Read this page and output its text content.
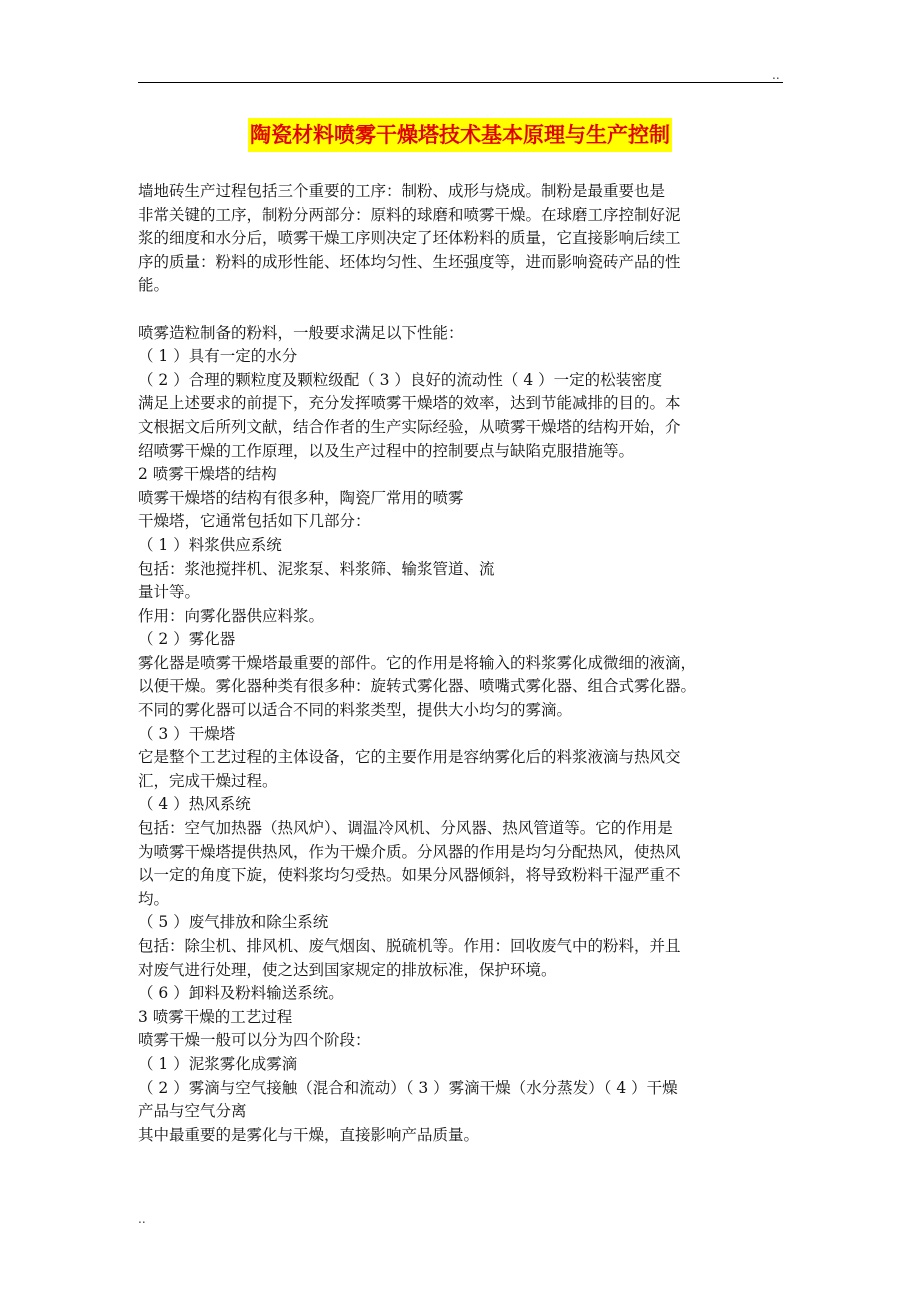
..
陶瓷材料喷雾干燥塔技术基本原理与生产控制
墙地砖生产过程包括三个重要的工序：制粉、成形与烧成。制粉是最重要也是
非常关键的工序，制粉分两部分：原料的球磨和喷雾干燥。在球磨工序控制好泥
浆的细度和水分后，喷雾干燥工序则决定了坯体粉料的质量，它直接影响后续工
序的质量：粉料的成形性能、坯体均匀性、生坯强度等，进而影响瓷砖产品的性
能。
喷雾造粒制备的粉料，一般要求满足以下性能：
（ 1 ）具有一定的水分
（ 2 ）合理的颗粒度及颗粒级配（ 3 ）良好的流动性（ 4 ）一定的松装密度
满足上述要求的前提下，充分发挥喷雾干燥塔的效率，达到节能减排的目的。本
文根据文后所列文献，结合作者的生产实际经验，从喷雾干燥塔的结构开始，介
绍喷雾干燥的工作原理，以及生产过程中的控制要点与缺陷克服措施等。
2 喷雾干燥塔的结构
喷雾干燥塔的结构有很多种，陶瓷厂常用的喷雾
干燥塔，它通常包括如下几部分：
（ 1 ）料浆供应系统
包括：浆池搅拌机、泥浆泵、料浆筛、输浆管道、流
量计等。
作用：向雾化器供应料浆。
（ 2 ）雾化器
雾化器是喷雾干燥塔最重要的部件。它的作用是将输入的料浆雾化成微细的液滴，
以便干燥。雾化器种类有很多种：旋转式雾化器、喷嘴式雾化器、组合式雾化器。
不同的雾化器可以适合不同的料浆类型，提供大小均匀的雾滴。
（ 3 ）干燥塔
它是整个工艺过程的主体设备，它的主要作用是容纳雾化后的料浆液滴与热风交
汇，完成干燥过程。
（ 4 ）热风系统
包括：空气加热器（热风炉）、调温冷风机、分风器、热风管道等。它的作用是
为喷雾干燥塔提供热风，作为干燥介质。分风器的作用是均匀分配热风，使热风
以一定的角度下旋，使料浆均匀受热。如果分风器倾斜，将导致粉料干湿严重不
均。
（ 5 ）废气排放和除尘系统
包括：除尘机、排风机、废气烟囱、脱硫机等。作用：回收废气中的粉料，并且
对废气进行处理，使之达到国家规定的排放标准，保护环境。
（ 6 ）卸料及粉料输送系统。
3 喷雾干燥的工艺过程
喷雾干燥一般可以分为四个阶段：
（ 1 ）泥浆雾化成雾滴
（ 2 ）雾滴与空气接触（混合和流动）（ 3 ）雾滴干燥（水分蒸发）（ 4 ）干燥
产品与空气分离
其中最重要的是雾化与干燥，直接影响产品质量。
..
